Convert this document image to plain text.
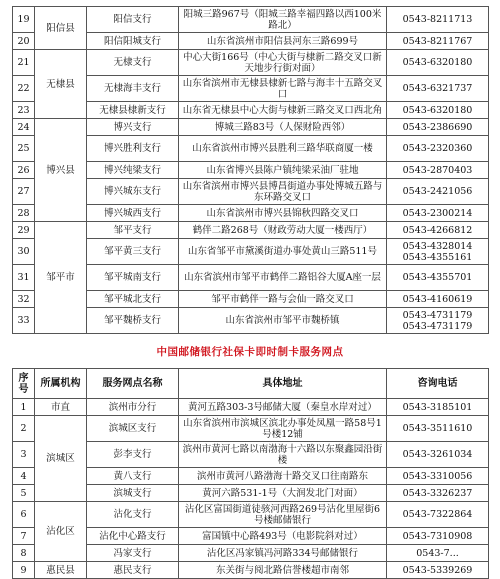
19	阳信县	阳信支行	阳城三路967号（阳城三路幸福四路以西100米路北）	0543-8211713
20		阳信阳城支行	山东省滨州市阳信县河东三路699号	0543-8211767
21	无棣县	无棣支行	中心大街166号（中心大街与棣新二路交叉口新天地步行街对面）	0543-6320180
22		无棣海丰支行	山东省滨州市无棣县棣新七路与海丰十五路交叉口	0543-6321737
23		无棣县棣新支行	山东省无棣县中心大街与棣新三路交叉口西北角	0543-6320180
24	博兴县	博兴支行	博城三路83号（人保财险西邻）	0543-2386690
25		博兴胜利支行	山东省滨州市博兴县胜利三路华联商厦一楼	0543-2320360
26		博兴纯梁支行	山东省博兴县陈户镇纯梁采油厂驻地	0543-2870403
27		博兴城东支行	山东省滨州市博兴县博昌街道办事处博城五路与东环路交叉口	0543-2421056
28		博兴城西支行	山东省滨州市博兴县锦秋四路交叉口	0543-2300214
29	邹平市	邹平支行	鹤伴二路268号（财政劳动大厦一楼西厅）	0543-4266812
30		邹平黄三支行	山东省邹平市黛溪街道办事处黄山三路511号	0543-4328014 0543-4355161
31		邹平城南支行	山东省滨州市邹平市鹤伴二路铝谷大厦A座一层	0543-4355701
32		邹平城北支行	邹平市鹤伴一路与会仙一路交叉口	0543-4160619
33		邹平魏桥支行	山东省滨州市邹平市魏桥镇	0543-4731179 0543-4731179
中国邮储银行社保卡即时制卡服务网点
序号	所属机构	服务网点名称	具体地址	咨询电话
1	市直	滨州市分行	黄河五路303-3号邮储大厦（秦皇水岸对过）	0543-3185101
2	滨城区	滨城区支行	山东省滨州市滨城区滨北办事处凤凰一路58号1号楼12铺	0543-3511610
3		彭李支行	滨州市黄河七路以南渤海十六路以东聚鑫园沿街楼	0543-3261034
4		黄八支行	滨州市黄河八路渤海十路交叉口往南路东	0543-3310056
5		滨城支行	黄河六路531-1号（大润发北门对面）	0543-3326237
6	沾化区	沾化支行	沾化区富国街道徒骇河西路269号沾化里屋街6号楼邮储银行	0543-7322864
7		沾化中心路支行	富国镇中心路493号（电影院斜对过）	0543-7310908
8		冯家支行	沾化区冯家镇冯河路334号邮储银行	0543-7...
9	惠民县	惠民支行	东关街与阅北路信誉楼超市南邻	0543-5339269
